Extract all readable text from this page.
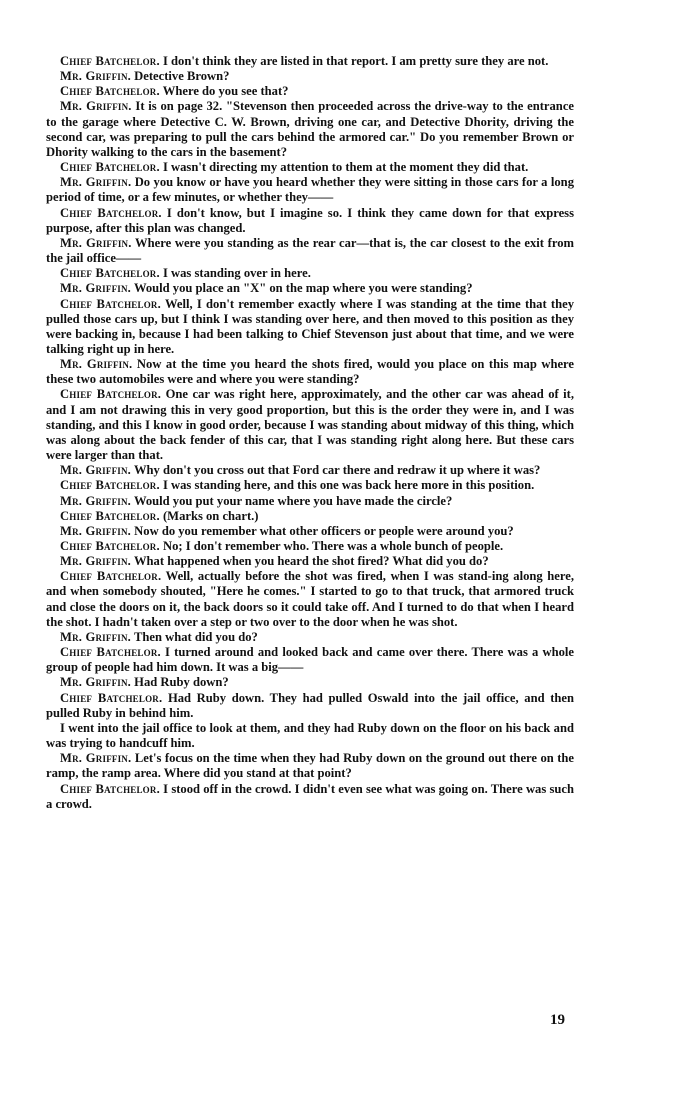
Chief Batchelor. I don't think they are listed in that report. I am pretty sure they are not.

Mr. Griffin. Detective Brown?

Chief Batchelor. Where do you see that?

Mr. Griffin. It is on page 32. "Stevenson then proceeded across the drive-way to the entrance to the garage where Detective C. W. Brown, driving one car, and Detective Dhority, driving the second car, was preparing to pull the cars behind the armored car." Do you remember Brown or Dhority walking to the cars in the basement?

Chief Batchelor. I wasn't directing my attention to them at the moment they did that.

Mr. Griffin. Do you know or have you heard whether they were sitting in those cars for a long period of time, or a few minutes, or whether they——

Chief Batchelor. I don't know, but I imagine so. I think they came down for that express purpose, after this plan was changed.

Mr. Griffin. Where were you standing as the rear car—that is, the car closest to the exit from the jail office——

Chief Batchelor. I was standing over in here.

Mr. Griffin. Would you place an "X" on the map where you were standing?

Chief Batchelor. Well, I don't remember exactly where I was standing at the time that they pulled those cars up, but I think I was standing over here, and then moved to this position as they were backing in, because I had been talking to Chief Stevenson just about that time, and we were talking right up in here.

Mr. Griffin. Now at the time you heard the shots fired, would you place on this map where these two automobiles were and where you were standing?

Chief Batchelor. One car was right here, approximately, and the other car was ahead of it, and I am not drawing this in very good proportion, but this is the order they were in, and I was standing, and this I know in good order, because I was standing about midway of this thing, which was along about the back fender of this car, that I was standing right along here. But these cars were larger than that.

Mr. Griffin. Why don't you cross out that Ford car there and redraw it up where it was?

Chief Batchelor. I was standing here, and this one was back here more in this position.

Mr. Griffin. Would you put your name where you have made the circle?

Chief Batchelor. (Marks on chart.)

Mr. Griffin. Now do you remember what other officers or people were around you?

Chief Batchelor. No; I don't remember who. There was a whole bunch of people.

Mr. Griffin. What happened when you heard the shot fired? What did you do?

Chief Batchelor. Well, actually before the shot was fired, when I was stand-ing along here, and when somebody shouted, "Here he comes." I started to go to that truck, that armored truck and close the doors on it, the back doors so it could take off. And I turned to do that when I heard the shot. I hadn't taken over a step or two over to the door when he was shot.

Mr. Griffin. Then what did you do?

Chief Batchelor. I turned around and looked back and came over there. There was a whole group of people had him down. It was a big——

Mr. Griffin. Had Ruby down?

Chief Batchelor. Had Ruby down. They had pulled Oswald into the jail office, and then pulled Ruby in behind him.

I went into the jail office to look at them, and they had Ruby down on the floor on his back and was trying to handcuff him.

Mr. Griffin. Let's focus on the time when they had Ruby down on the ground out there on the ramp, the ramp area. Where did you stand at that point?

Chief Batchelor. I stood off in the crowd. I didn't even see what was going on. There was such a crowd.

19
